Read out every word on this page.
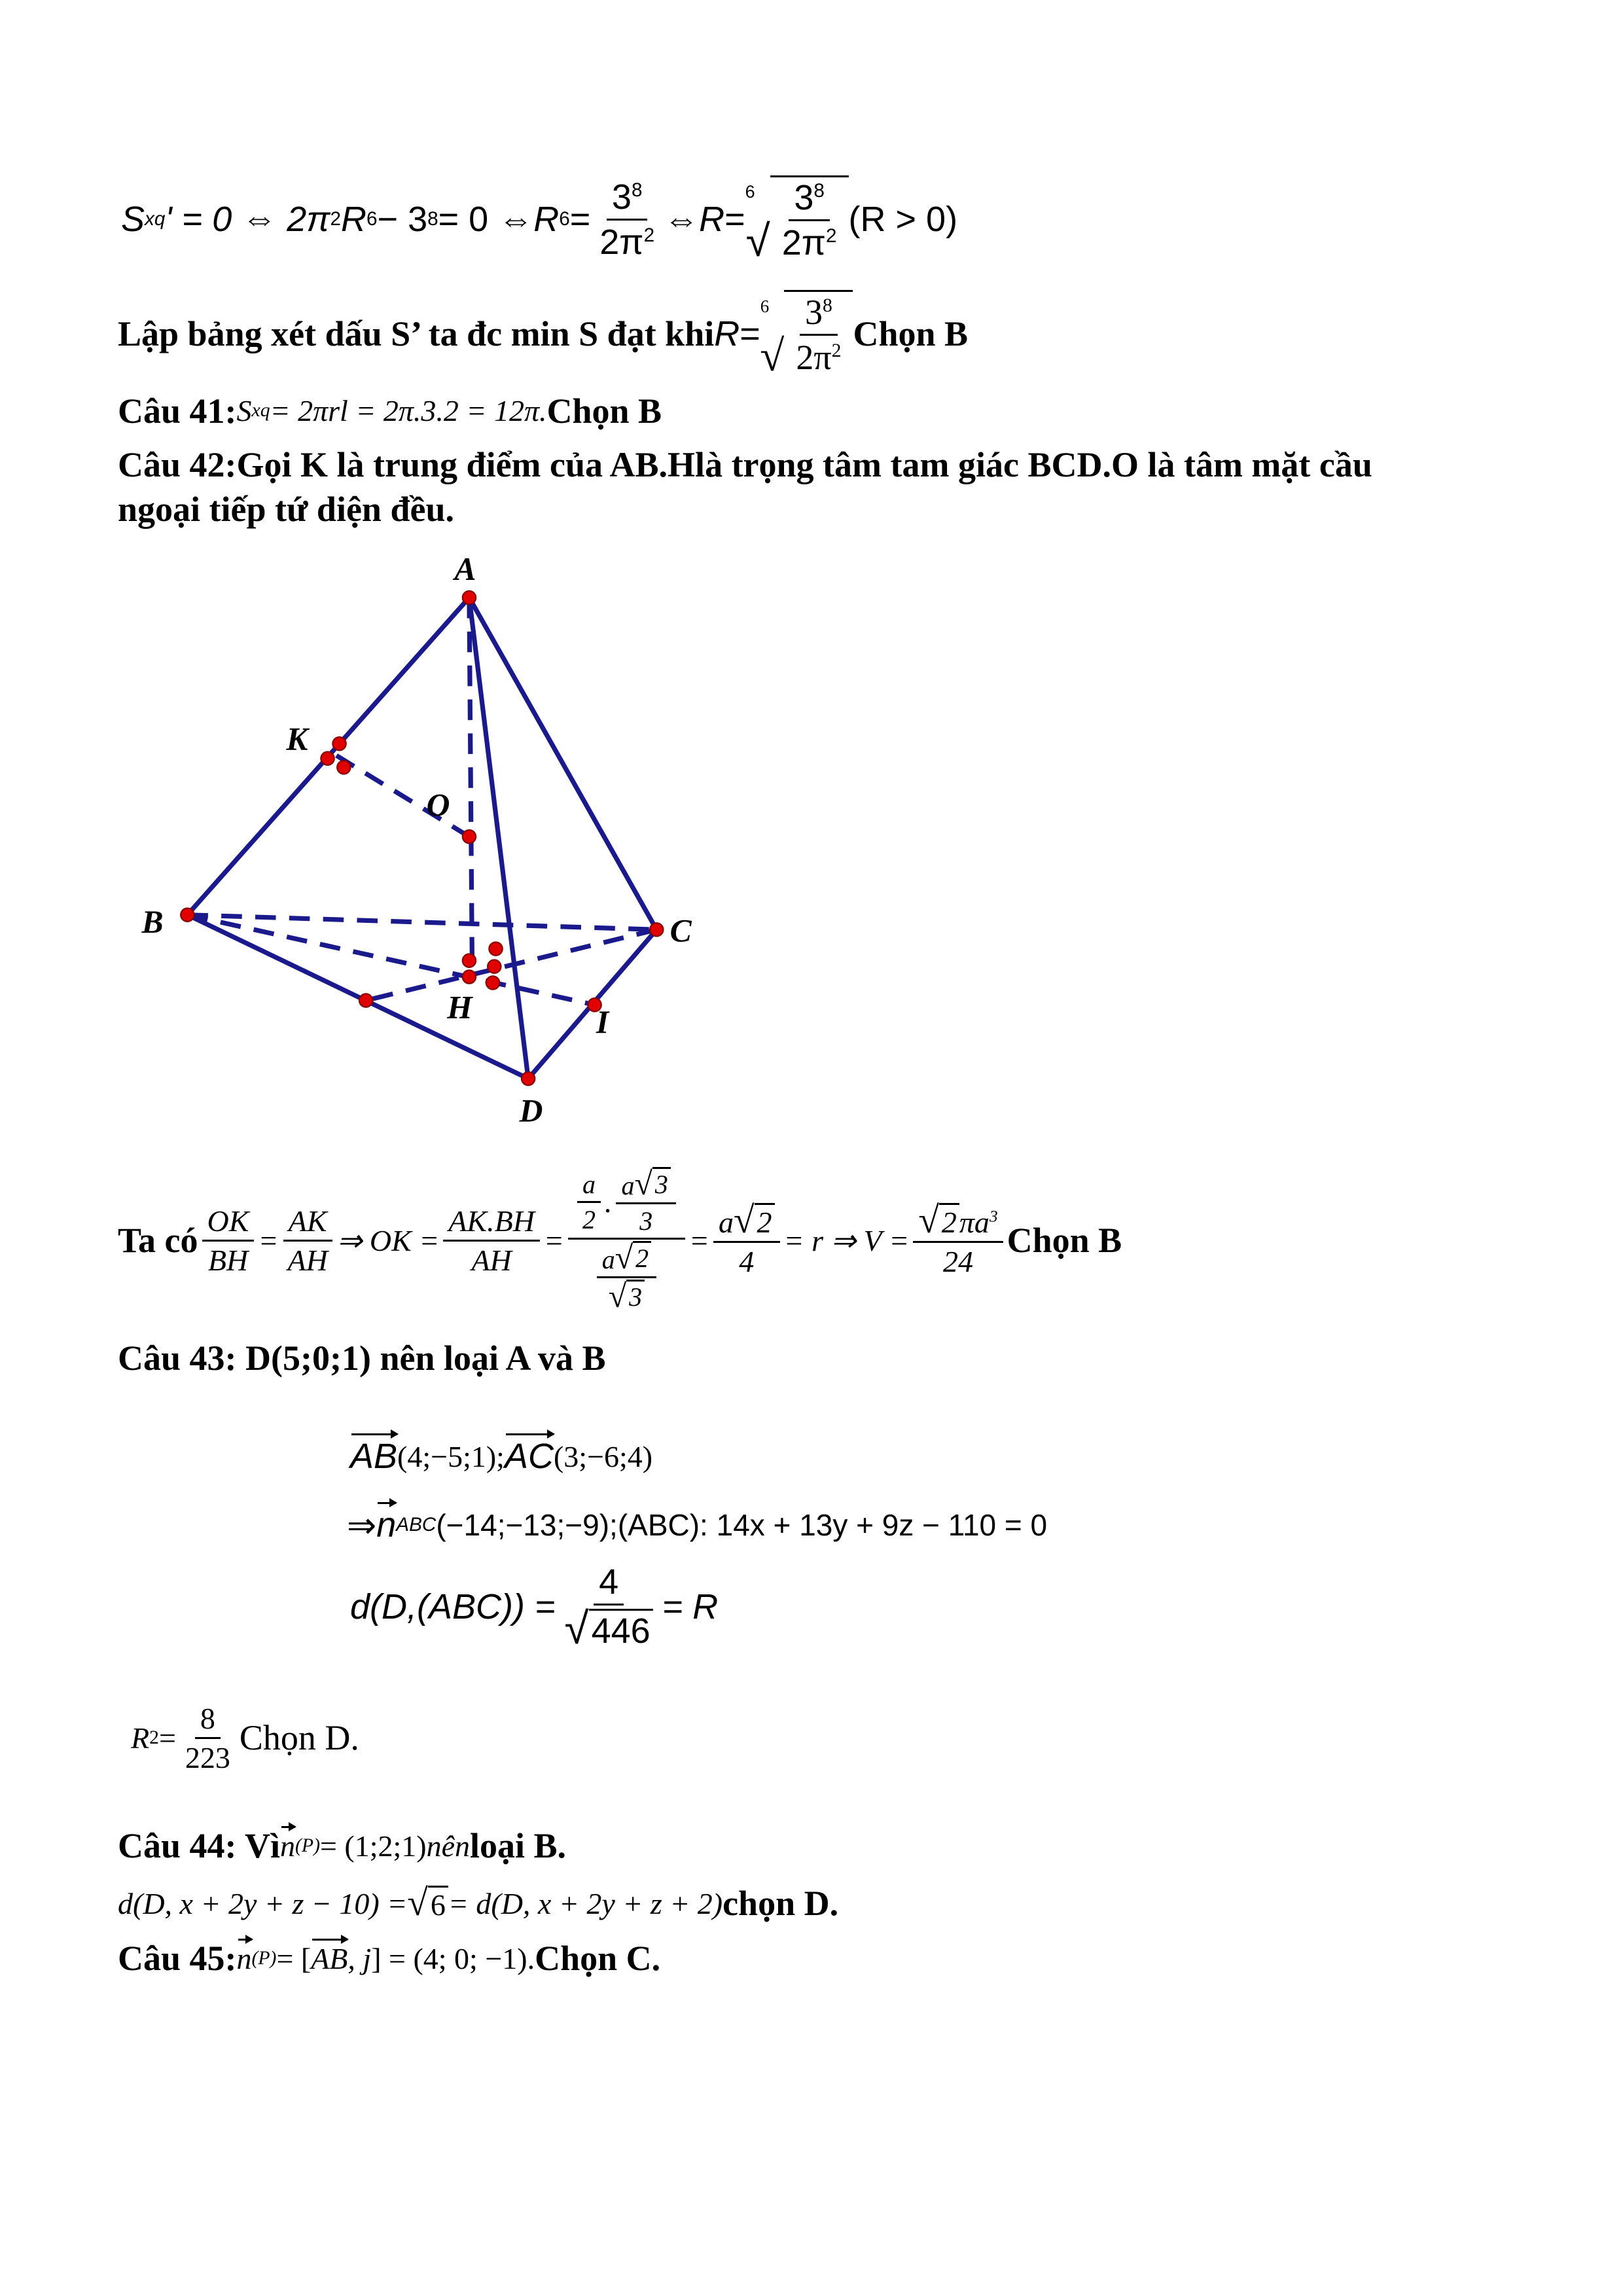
S xq ' = 0 ⇔ 2π 2 R 6 − 3 8 = 0 ⇔ R $6 = \frac{3^8}{2\pi^2}$ ⇔ R =
6
√ $\frac{3^8}{2\pi^2} (R > 0)$
Lập bảng xét dấu S’ ta đc min S đạt khi R =
6
√ $\frac{3^8}{2\pi^2}$ Chọn B
Câu 41: S xq = 2πrl = 2π.3.2 = 12π. Chọn B
Câu 42:Gọi K là trung điểm của AB.Hlà trọng tâm tam giác BCD.O là tâm mặt cầu
ngoại tiếp tứ diện đều.
A
K
O
B	C
H	I
D
Ta có $\frac{OK}{BH} = \frac{AK}{AH}$ ⇒ OK = $\frac{AK.BH}{AH} = \frac{\frac{a}{2} . \frac{a √ 3}{3}}{\frac{a √ 2}{√ 3}} = \frac{a √ 2}{4} = r$ ⇒ $V = \frac{√ 2 \pi a^3}{24}$ Chọn B
Câu 43: D(5;0;1) nên loại A và B
AB (4;−5;1); AC (3;−6;4)
⇒ n ABC (−14;−13;−9);(ABC): 14x + 13y + 9z − 110 = 0
$d(D,(ABC)) = \frac{4}{√ 446} = R$
R $2 = \frac{8}{223}$ Chọn D.
Câu 44: Vì n (P) = (1;2;1) nên loại B.
d(D, x + 2y + z − 10) = √ 6 = d(D, x + 2y + z + 2) chọn D.
Câu 45: n (P) = [ AB , j ] = (4; 0; −1). Chọn C.
